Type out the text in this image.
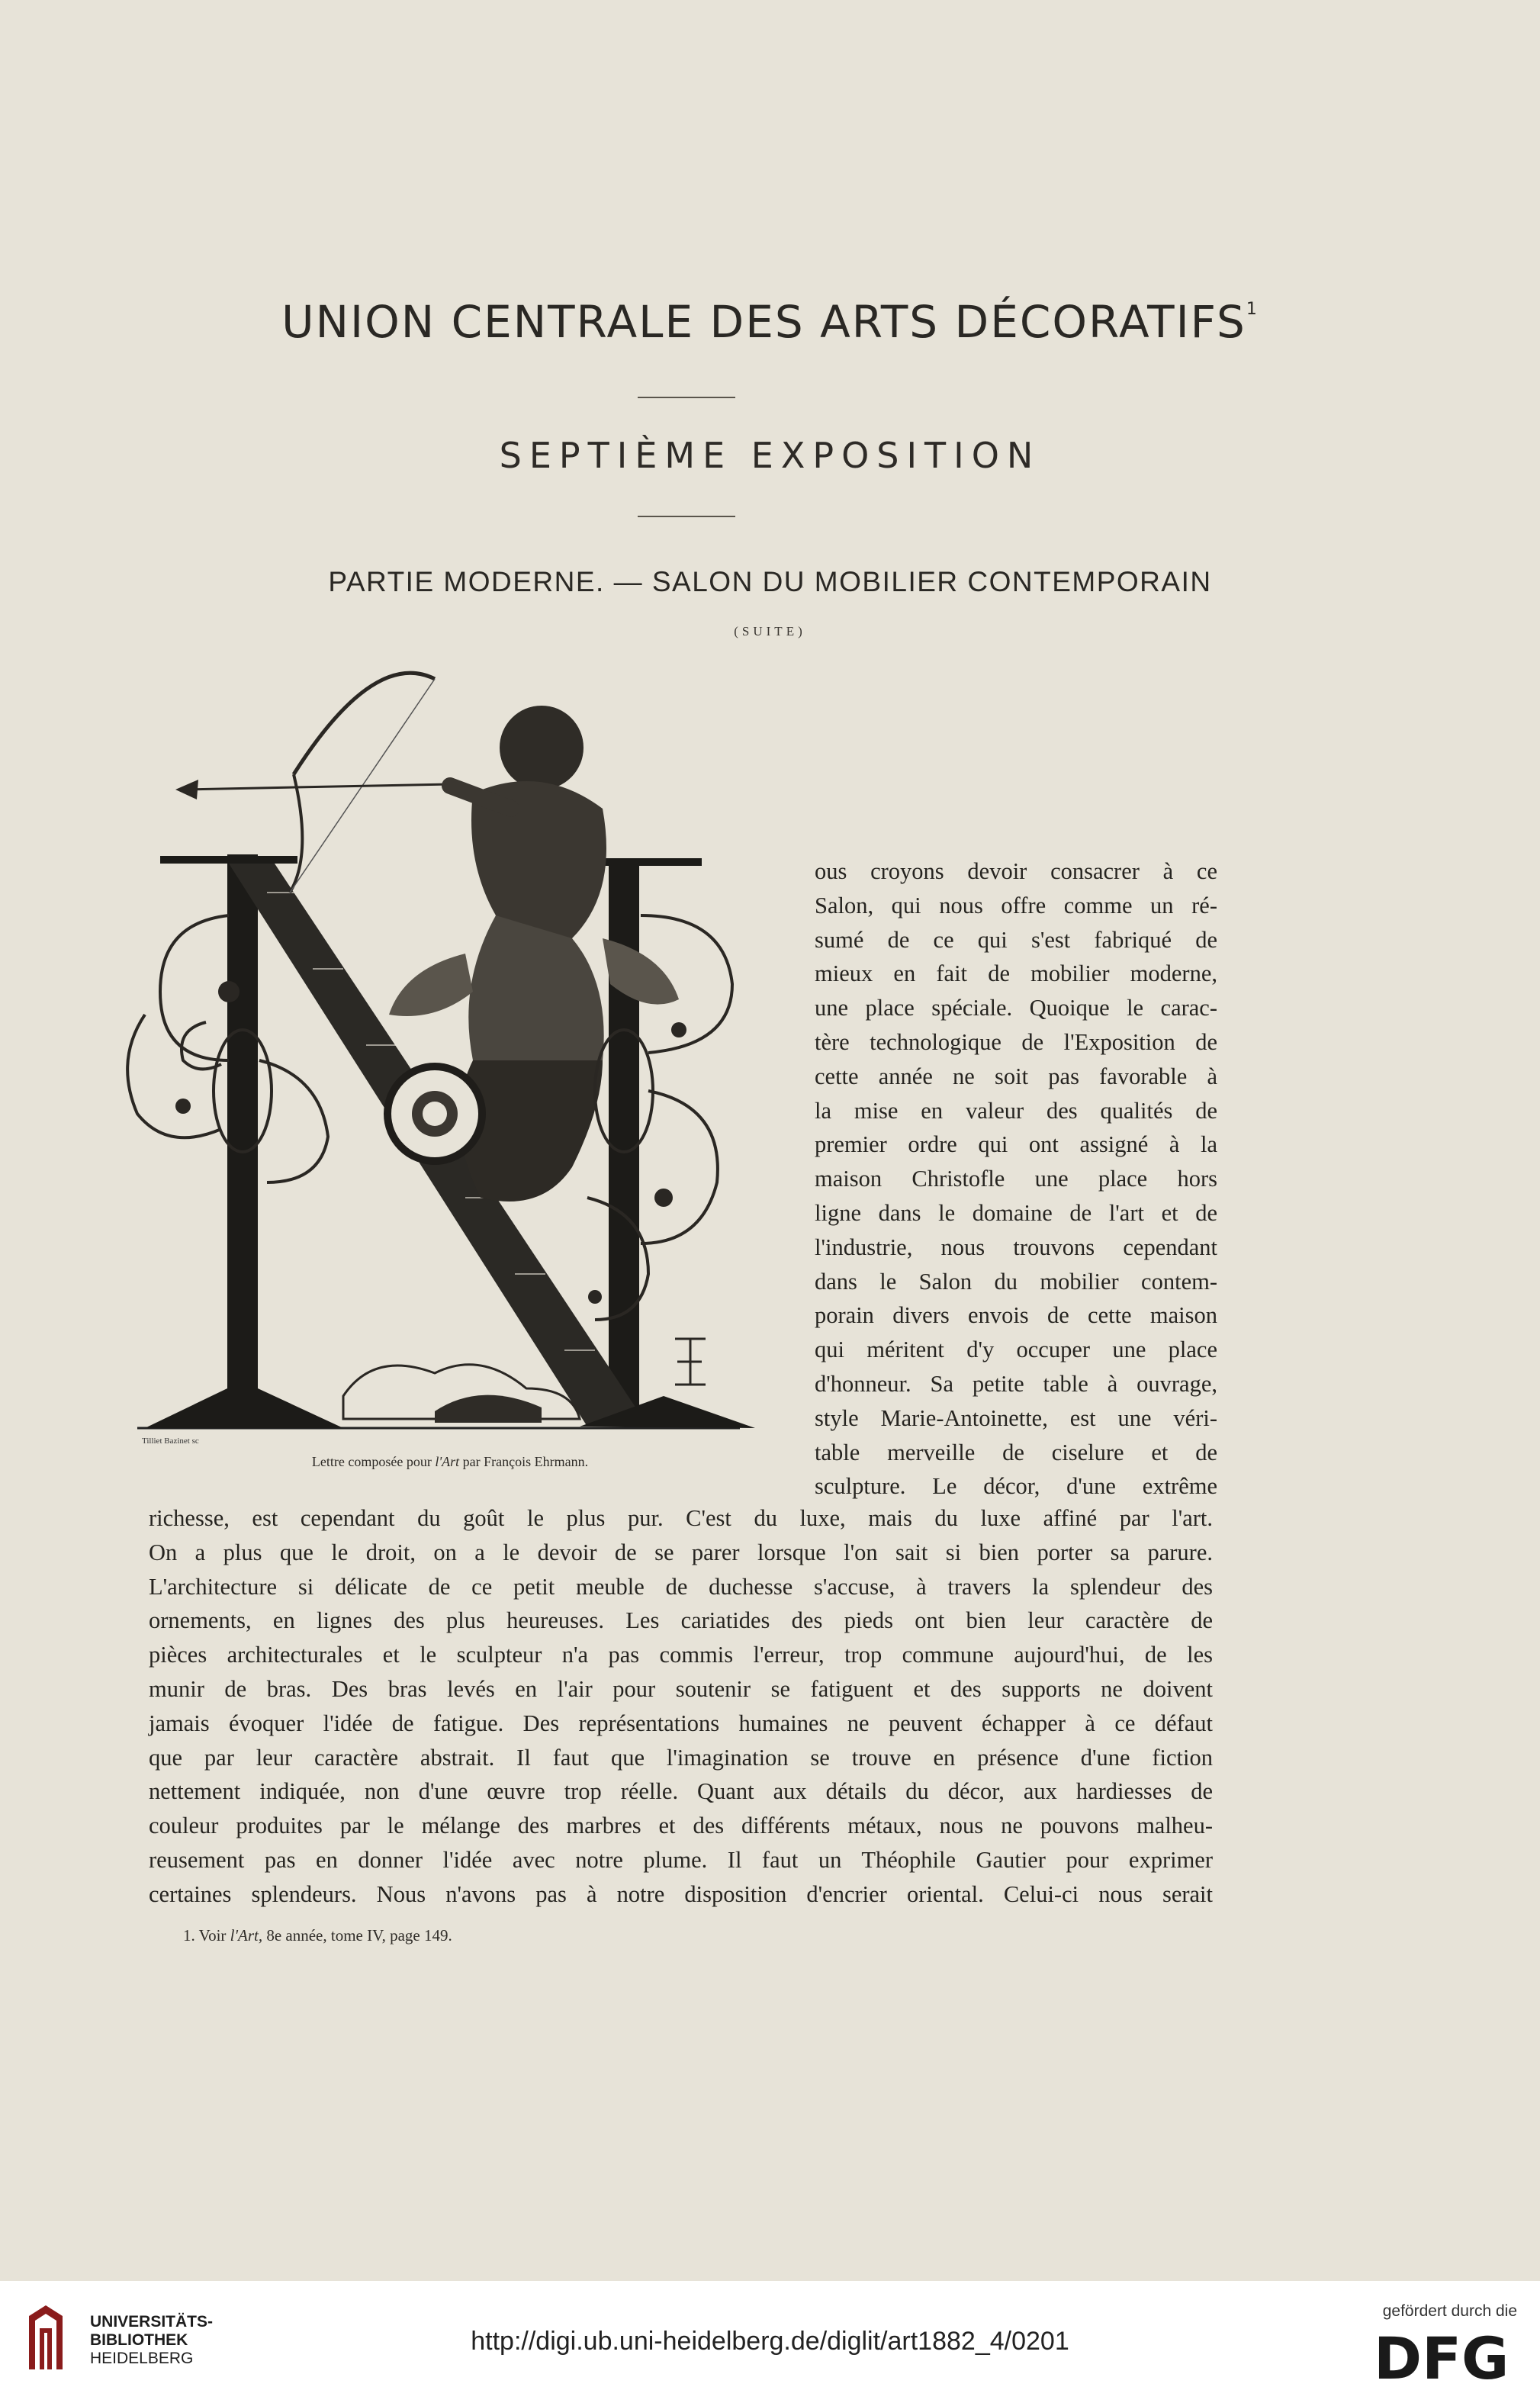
UNION CENTRALE DES ARTS DÉCORATIFS$^1$
SEPTIÈME EXPOSITION
PARTIE MODERNE. — SALON DU MOBILIER CONTEMPORAIN
(SUITE)
Tilliet Bazinet sc
Lettre composée pour l'Art par François Ehrmann.
ous croyons devoir consacrer à ce
Salon, qui nous offre comme un ré-
sumé de ce qui s'est fabriqué de
mieux en fait de mobilier moderne,
une place spéciale. Quoique le carac-
tère technologique de l'Exposition de
cette année ne soit pas favorable à
la mise en valeur des qualités de
premier ordre qui ont assigné à la
maison Christofle une place hors
ligne dans le domaine de l'art et de
l'industrie, nous trouvons cependant
dans le Salon du mobilier contem-
porain divers envois de cette maison
qui méritent d'y occuper une place
d'honneur. Sa petite table à ouvrage,
style Marie-Antoinette, est une véri-
table merveille de ciselure et de
sculpture. Le décor, d'une extrême
richesse, est cependant du goût le plus pur. C'est du luxe, mais du luxe affiné par l'art.
On a plus que le droit, on a le devoir de se parer lorsque l'on sait si bien porter sa parure.
L'architecture si délicate de ce petit meuble de duchesse s'accuse, à travers la splendeur des
ornements, en lignes des plus heureuses. Les cariatides des pieds ont bien leur caractère de
pièces architecturales et le sculpteur n'a pas commis l'erreur, trop commune aujourd'hui, de les
munir de bras. Des bras levés en l'air pour soutenir se fatiguent et des supports ne doivent
jamais évoquer l'idée de fatigue. Des représentations humaines ne peuvent échapper à ce défaut
que par leur caractère abstrait. Il faut que l'imagination se trouve en présence d'une fiction
nettement indiquée, non d'une œuvre trop réelle. Quant aux détails du décor, aux hardiesses de
couleur produites par le mélange des marbres et des différents métaux, nous ne pouvons malheu-
reusement pas en donner l'idée avec notre plume. Il faut un Théophile Gautier pour exprimer
certaines splendeurs. Nous n'avons pas à notre disposition d'encrier oriental. Celui-ci nous serait
1. Voir l'Art, 8e année, tome IV, page 149.
UNIVERSITÄTS-
BIBLIOTHEK
HEIDELBERG
http://digi.ub.uni-heidelberg.de/diglit/art1882_4/0201
gefördert durch die
DFG
